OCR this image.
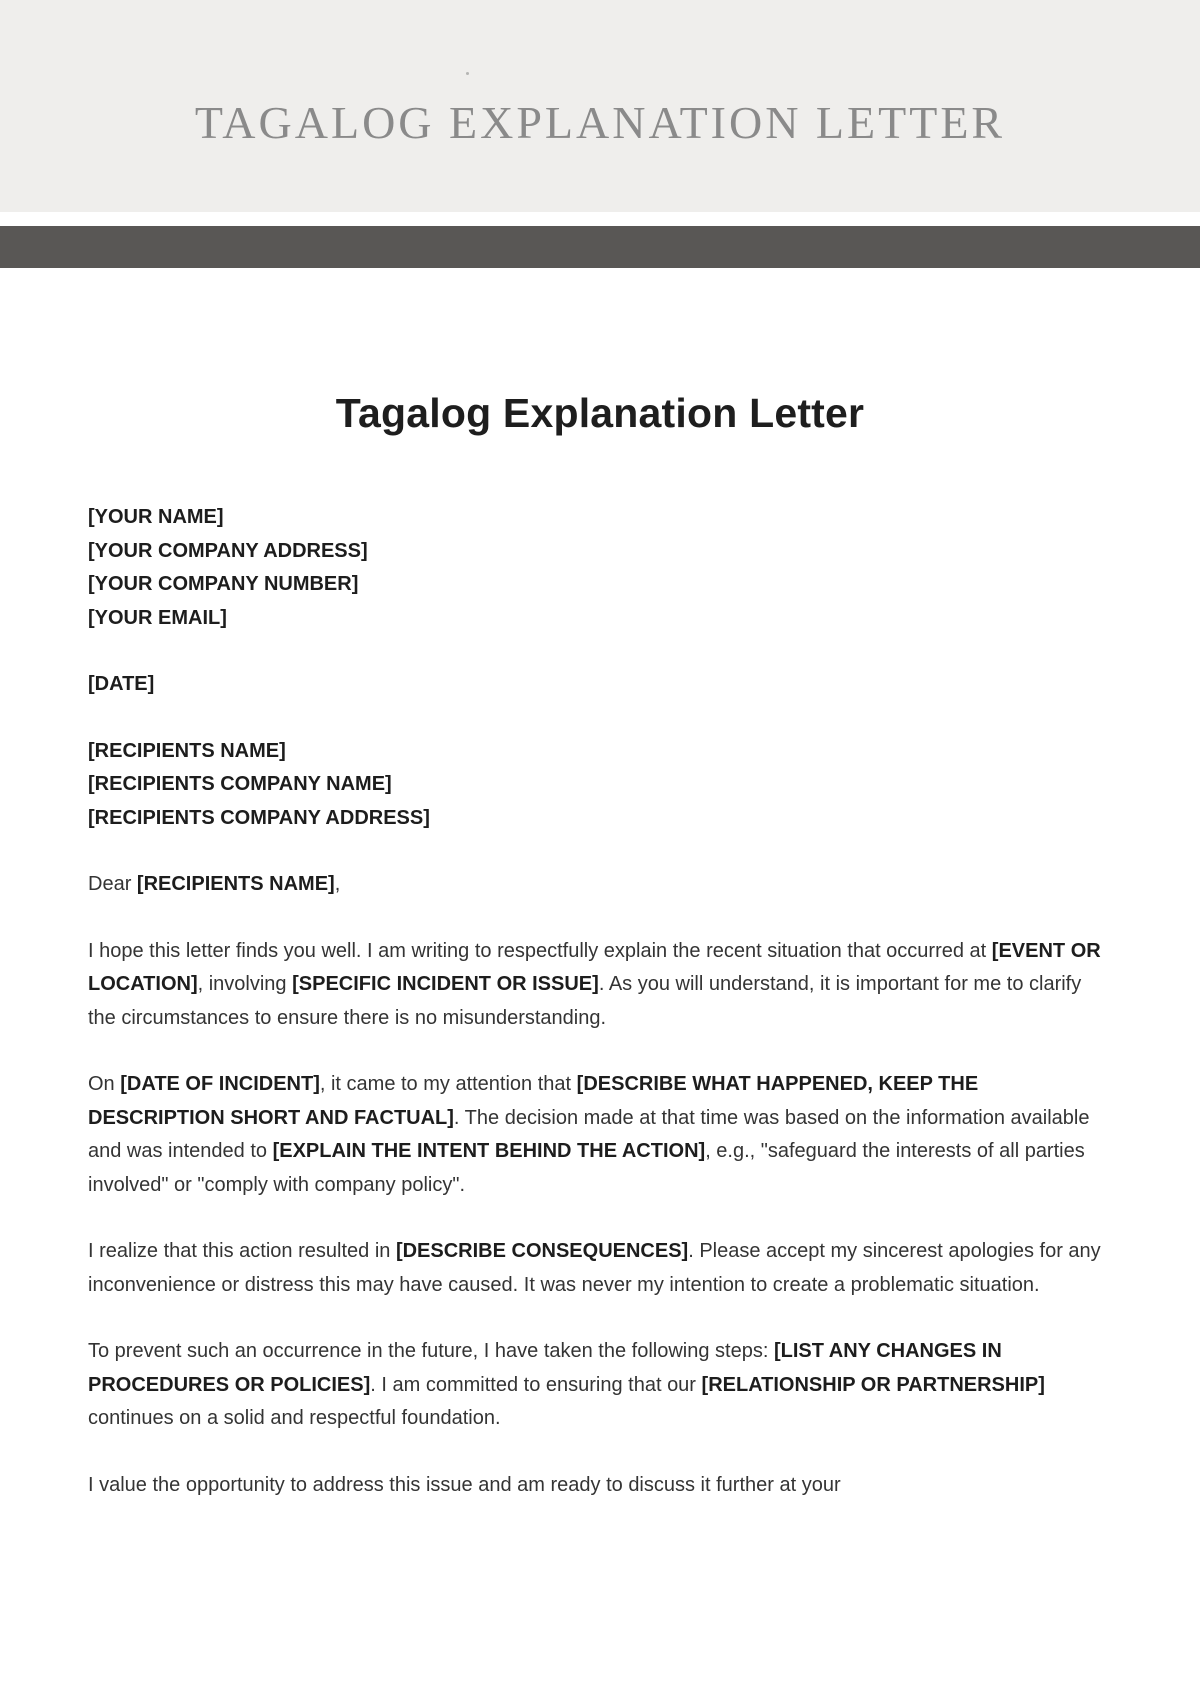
TAGALOG EXPLANATION LETTER
Tagalog Explanation Letter

[YOUR NAME]

[YOUR COMPANY ADDRESS]

[YOUR COMPANY NUMBER]

[YOUR EMAIL]

[DATE]

[RECIPIENTS NAME]

[RECIPIENTS COMPANY NAME]

[RECIPIENTS COMPANY ADDRESS]

Dear [RECIPIENTS NAME],

I hope this letter finds you well. I am writing to respectfully explain the recent situation that occurred at [EVENT OR LOCATION], involving [SPECIFIC INCIDENT OR ISSUE]. As you will understand, it is important for me to clarify the circumstances to ensure there is no misunderstanding.

On [DATE OF INCIDENT], it came to my attention that [DESCRIBE WHAT HAPPENED, KEEP THE DESCRIPTION SHORT AND FACTUAL]. The decision made at that time was based on the information available and was intended to [EXPLAIN THE INTENT BEHIND THE ACTION], e.g., "safeguard the interests of all parties involved" or "comply with company policy".

I realize that this action resulted in [DESCRIBE CONSEQUENCES]. Please accept my sincerest apologies for any inconvenience or distress this may have caused. It was never my intention to create a problematic situation.

To prevent such an occurrence in the future, I have taken the following steps: [LIST ANY CHANGES IN PROCEDURES OR POLICIES]. I am committed to ensuring that our [RELATIONSHIP OR PARTNERSHIP] continues on a solid and respectful foundation.

I value the opportunity to address this issue and am ready to discuss it further at your
